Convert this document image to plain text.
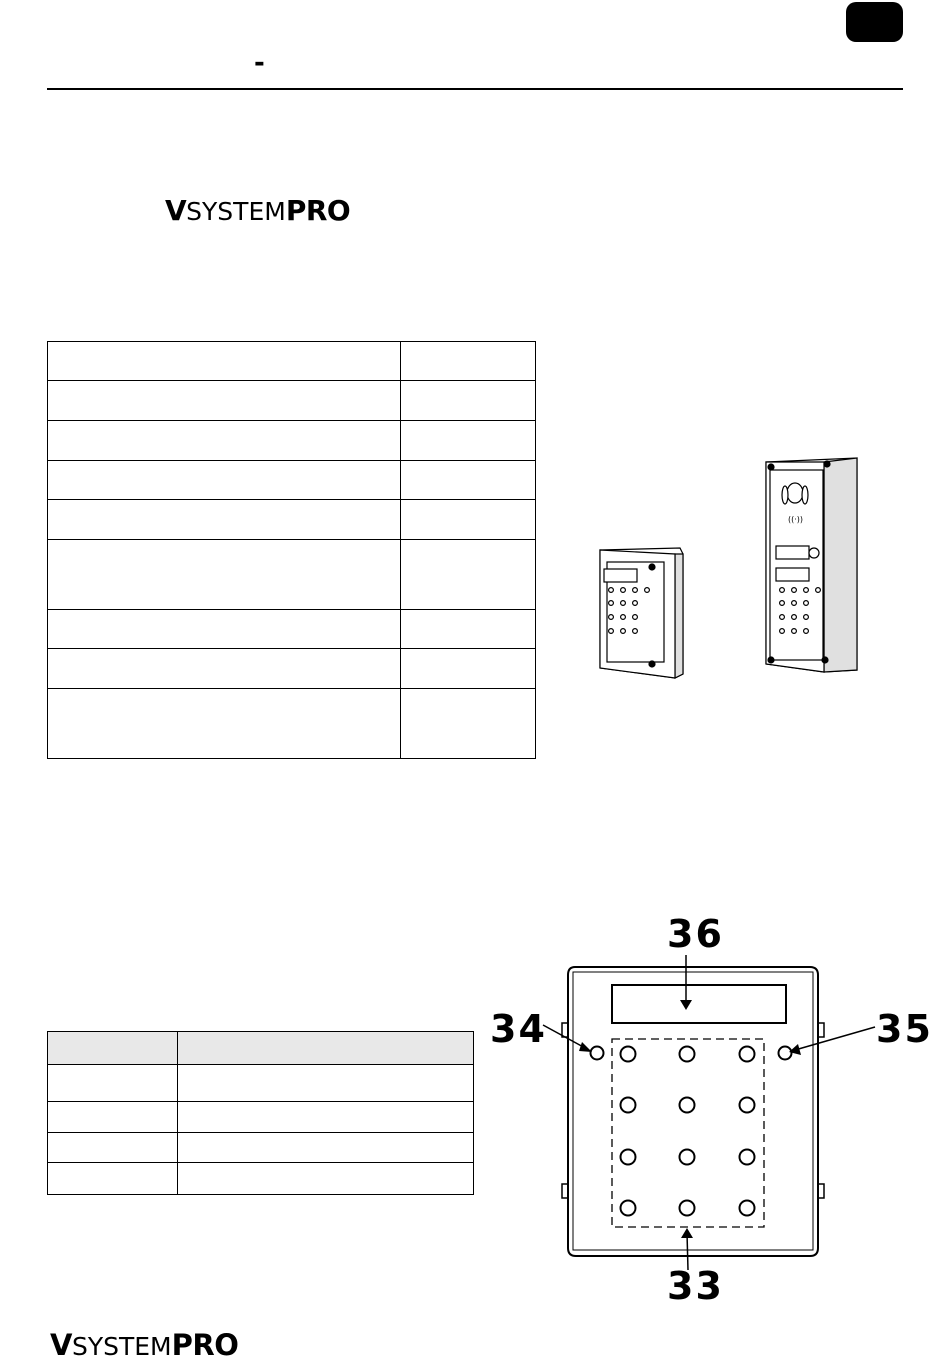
-
VSYSTEMPRO

((·))

36
34	35
33
VSYSTEMPRO
